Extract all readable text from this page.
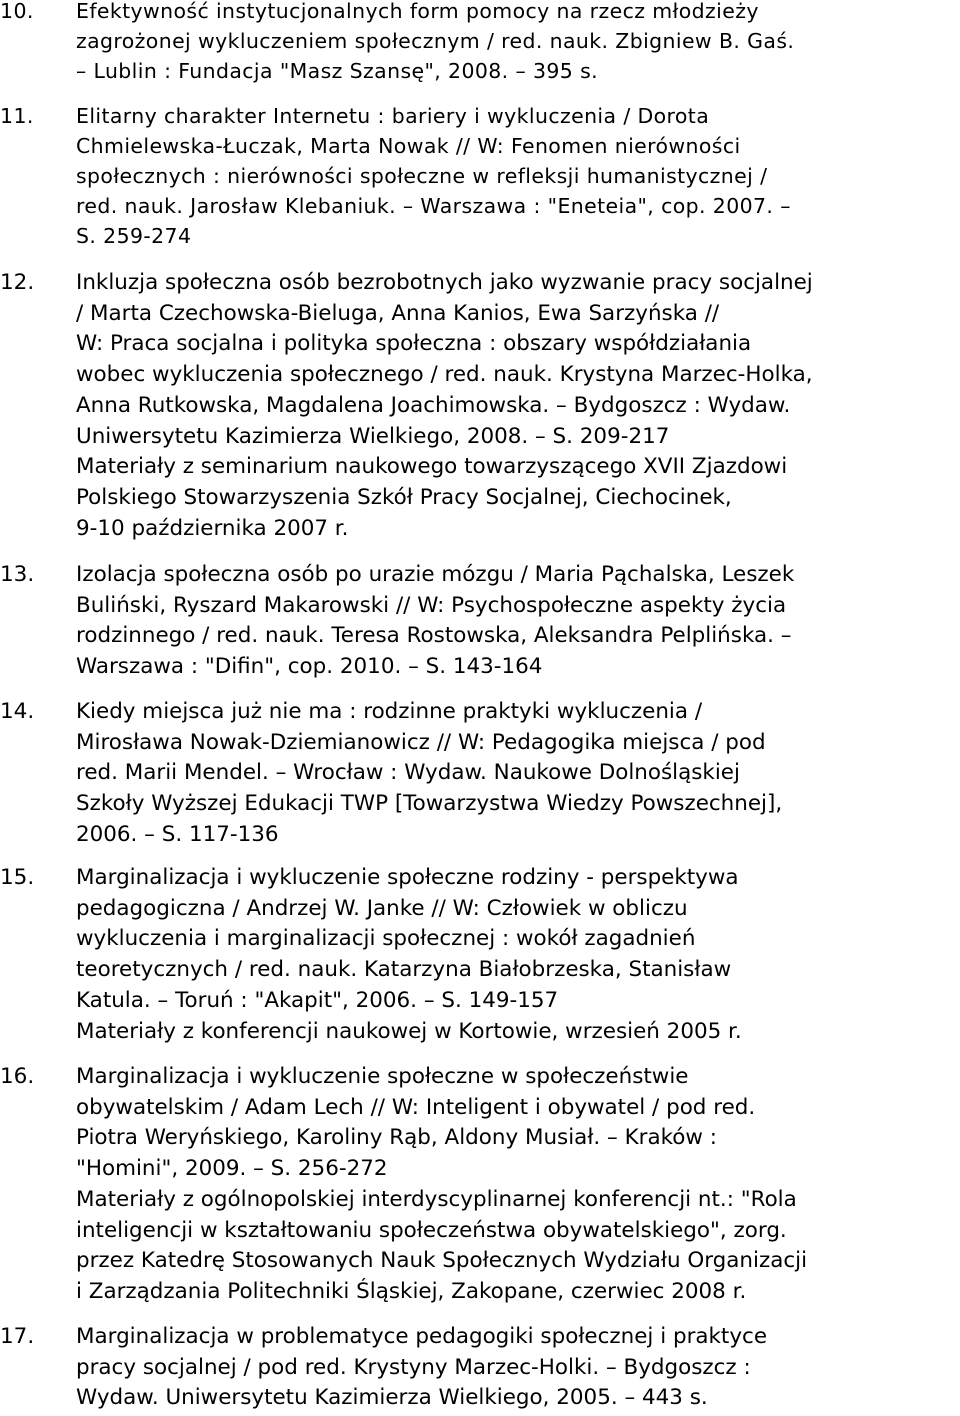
10.	Efektywność instytucjonalnych form pomocy na rzecz młodzieży
zagrożonej wykluczeniem społecznym / red. nauk. Zbigniew B. Gaś.
– Lublin : Fundacja "Masz Szansę", 2008. – 395 s.
11.	Elitarny charakter Internetu : bariery i wykluczenia / Dorota
Chmielewska-Łuczak, Marta Nowak // W: Fenomen nierówności
społecznych : nierówności społeczne w refleksji humanistycznej /
red. nauk. Jarosław Klebaniuk. – Warszawa : "Eneteia", cop. 2007. –
S. 259-274
12.	Inkluzja społeczna osób bezrobotnych jako wyzwanie pracy socjalnej
/ Marta Czechowska-Bieluga, Anna Kanios, Ewa Sarzyńska //
W: Praca socjalna i polityka społeczna : obszary współdziałania
wobec wykluczenia społecznego / red. nauk. Krystyna Marzec-Holka,
Anna Rutkowska, Magdalena Joachimowska. – Bydgoszcz : Wydaw.
Uniwersytetu Kazimierza Wielkiego, 2008. – S. 209-217
Materiały z seminarium naukowego towarzyszącego XVII Zjazdowi
Polskiego Stowarzyszenia Szkół Pracy Socjalnej, Ciechocinek,
9-10 października 2007 r.
13.	Izolacja społeczna osób po urazie mózgu / Maria Pąchalska, Leszek
Buliński, Ryszard Makarowski // W: Psychospołeczne aspekty życia
rodzinnego / red. nauk. Teresa Rostowska, Aleksandra Pelplińska. –
Warszawa : "Difin", cop. 2010. – S. 143-164
14.	Kiedy miejsca już nie ma : rodzinne praktyki wykluczenia /
Mirosława Nowak-Dziemianowicz // W: Pedagogika miejsca / pod
red. Marii Mendel. – Wrocław : Wydaw. Naukowe Dolnośląskiej
Szkoły Wyższej Edukacji TWP [Towarzystwa Wiedzy Powszechnej],
2006. – S. 117-136
15.	Marginalizacja i wykluczenie społeczne rodziny - perspektywa
pedagogiczna / Andrzej W. Janke // W: Człowiek w obliczu
wykluczenia i marginalizacji społecznej : wokół zagadnień
teoretycznych / red. nauk. Katarzyna Białobrzeska, Stanisław
Katula. – Toruń : "Akapit", 2006. – S. 149-157
Materiały z konferencji naukowej w Kortowie, wrzesień 2005 r.
16.	Marginalizacja i wykluczenie społeczne w społeczeństwie
obywatelskim / Adam Lech // W: Inteligent i obywatel / pod red.
Piotra Weryńskiego, Karoliny Rąb, Aldony Musiał. – Kraków :
"Homini", 2009. – S. 256-272
Materiały z ogólnopolskiej interdyscyplinarnej konferencji nt.: "Rola
inteligencji w kształtowaniu społeczeństwa obywatelskiego", zorg.
przez Katedrę Stosowanych Nauk Społecznych Wydziału Organizacji
i Zarządzania Politechniki Śląskiej, Zakopane, czerwiec 2008 r.
17.	Marginalizacja w problematyce pedagogiki społecznej i praktyce
pracy socjalnej / pod red. Krystyny Marzec-Holki. – Bydgoszcz :
Wydaw. Uniwersytetu Kazimierza Wielkiego, 2005. – 443 s.
